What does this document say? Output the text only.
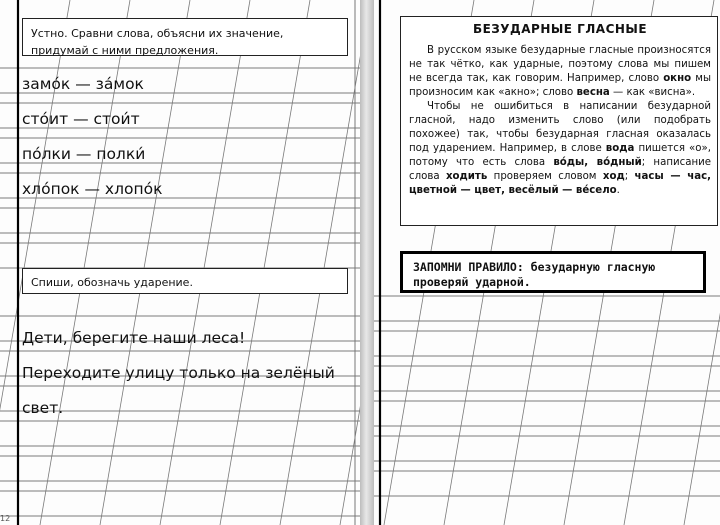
Устно. Сравни слова, объясни их значение, придумай с ними предложения.
замо́к — за́мок
сто́ит — стои́т
по́лки — полки́
хло́пок — хлопо́к
Спиши, обозначь ударение.
Дети, берегите наши леса!
Переходите улицу только на зелёный
свет.
12
БЕЗУДАРНЫЕ ГЛАСНЫЕ

В русском языке безударные гласные произносятся не так чётко, как ударные, поэтому слова мы пишем не всегда так, как говорим. Например, слово окно мы произносим как «акно»; слово весна — как «висна».

Чтобы не ошибиться в написании безударной гласной, надо изменить слово (или подобрать похожее) так, чтобы безударная гласная оказалась под ударением. Например, в слове вода пишется «о», потому что есть слова во́ды, во́дный; написание слова ходить проверяем словом ход; часы — час, цветной — цвет, весёлый — ве́село.

ЗАПОМНИ ПРАВИЛО: безударную гласную проверяй ударной.
